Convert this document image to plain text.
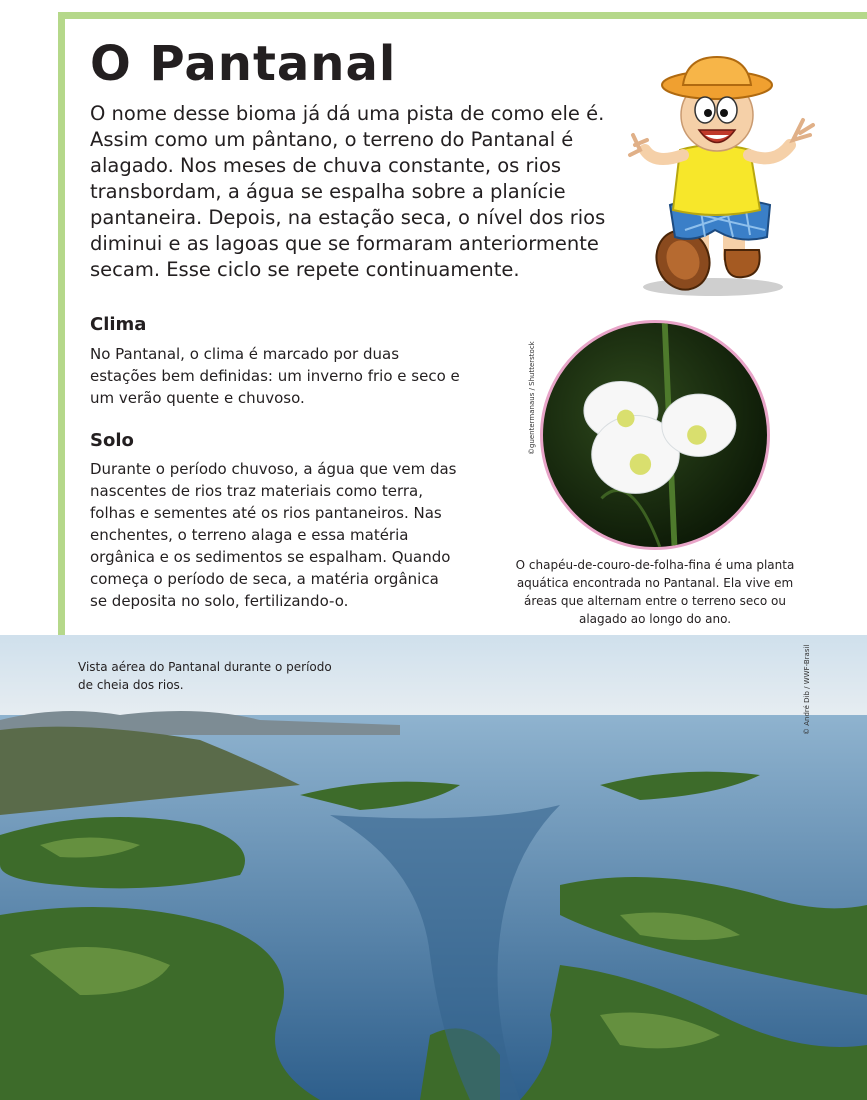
O Pantanal

O nome desse bioma já dá uma pista de como ele é. Assim como um pântano, o terreno do Pantanal é alagado. Nos meses de chuva constante, os rios transbordam, a água se espalha sobre a planície pantaneira. Depois, na estação seca, o nível dos rios diminui e as lagoas que se formaram anteriormente secam. Esse ciclo se repete continuamente.

Clima

No Pantanal, o clima é marcado por duas estações bem definidas: um inverno frio e seco e um verão quente e chuvoso.

Solo

Durante o período chuvoso, a água que vem das nascentes de rios traz materiais como terra, folhas e sementes até os rios pantaneiros. Nas enchentes, o terreno alaga e essa matéria orgânica e os sedimentos se espalham. Quando começa o período de seca, a matéria orgânica se deposita no solo, fertilizando-o.

©guentermanaus / Shutterstock

O chapéu-de-couro-de-folha-fina é uma planta aquática encontrada no Pantanal. Ela vive em áreas que alternam entre o terreno seco ou alagado ao longo do ano.

Vista aérea do Pantanal durante o período de cheia dos rios.	© André Dib / WWF-Brasil
